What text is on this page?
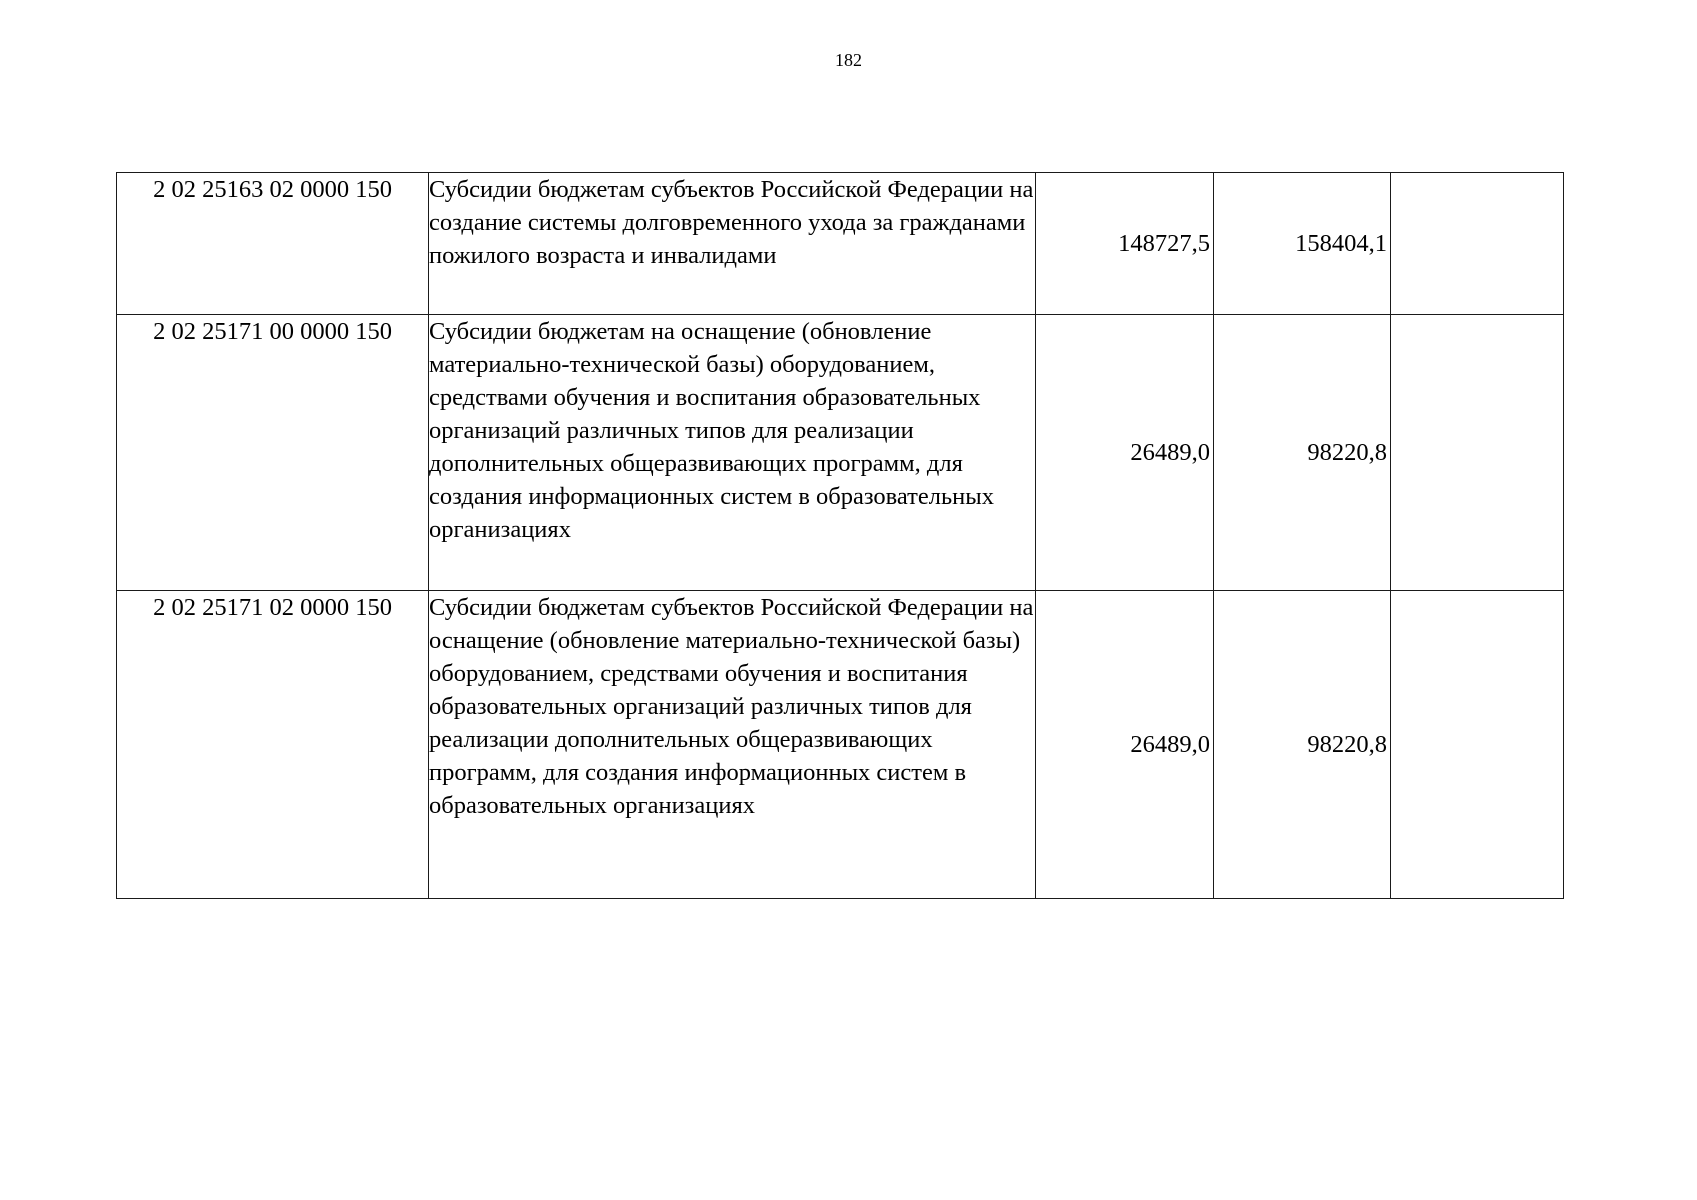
182
2 02 25163 02 0000 150	Субсидии бюджетам субъектов Российской Федерации на создание системы долговременного ухода за гражданами пожилого возраста и инвалидами	148727,5	158404,1	
2 02 25171 00 0000 150	Субсидии бюджетам на оснащение (обновление материально-технической базы) оборудованием, средствами обучения и воспитания образовательных организаций различных типов для реализации дополнительных общеразвивающих программ, для создания информационных систем в образовательных организациях	26489,0	98220,8	
2 02 25171 02 0000 150	Субсидии бюджетам субъектов Российской Федерации на оснащение (обновление материально-технической базы) оборудованием, средствами обучения и воспитания образовательных организаций различных типов для реализации дополнительных общеразвивающих программ, для создания информационных систем в образовательных организациях	26489,0	98220,8	
